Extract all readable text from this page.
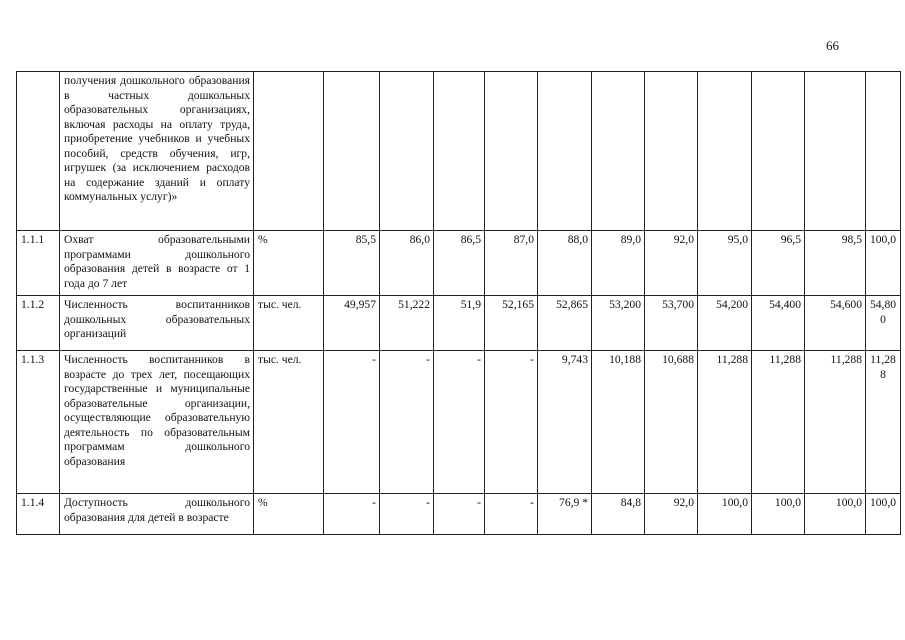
66
	получения дошкольного образования в частных дошкольных образовательных организациях, включая расходы на оплату труда, приобретение учебников и учебных пособий, средств обучения, игр, игрушек (за исключением расходов на содержание зданий и оплату коммунальных услуг)»												
1.1.1	Охват образовательными программами дошкольного образования детей в возрасте от 1 года до 7 лет	%	85,5	86,0	86,5	87,0	88,0	89,0	92,0	95,0	96,5	98,5	100,0
1.1.2	Численность воспитанников дошкольных образовательных организаций	тыс. чел.	49,957	51,222	51,9	52,165	52,865	53,200	53,700	54,200	54,400	54,600	54,800
1.1.3	Численность воспитанников в возрасте до трех лет, посещающих государственные и муниципальные образовательные организации, осуществляющие образовательную деятельность по образовательным программам дошкольного образования	тыс. чел.	-	-	-	-	9,743	10,188	10,688	11,288	11,288	11,288	11,288
1.1.4	Доступность дошкольного образования для детей в возрасте	%	-	-	-	-	76,9 *	84,8	92,0	100,0	100,0	100,0	100,0
